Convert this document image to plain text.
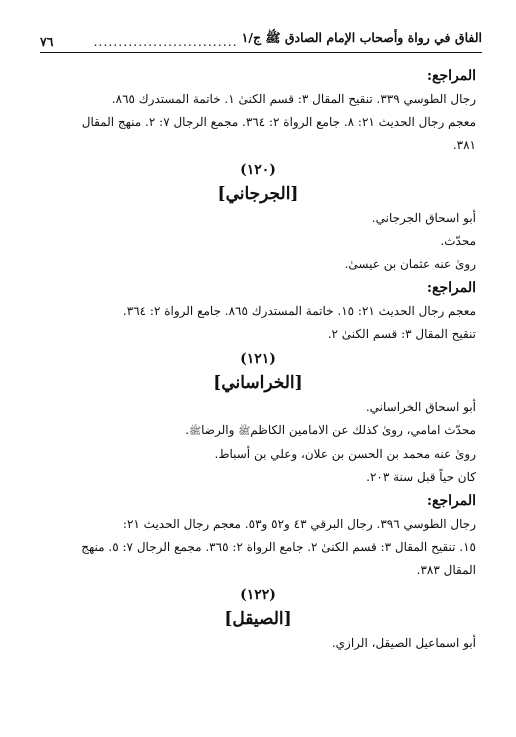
الفاق في رواة وأصحاب الإمام الصادق ﷺ ج/١
.............................
٧٦
المراجع:

رجال الطوسي ٣٣٩. تنقيح المقال ٣: قسم الكنىٰ ١. خاتمة المستدرك ٨٦٥.

معجم رجال الحديث ٢١: ٨. جامع الرواة ٢: ٣٦٤. مجمع الرجال ٧: ٢. منهج المقال

٣٨١.

(١٢٠)
[الجرجاني]

أبو اسحاق الجرجاني.

محدّث.

رویٰ عنه عثمان بن عيسیٰ.

المراجع:

معجم رجال الحديث ٢١: ١٥. خاتمة المستدرك ٨٦٥. جامع الرواة ٢: ٣٦٤.

تنقيح المقال ٣: قسم الكنىٰ ٢.

(١٢١)
[الخراساني]

أبو اسحاق الخراساني.

محدّث امامي، رویٰ كذلك عن الامامين الكاظمﷺ والرضاﷺ.

رویٰ عنه محمد بن الحسن بن علان، وعلي بن أسباط.

كان حياً قبل سنة ٢٠٣.

المراجع:

رجال الطوسي ٣٩٦. رجال البرقي ٤٣ و٥٢ و٥٣. معجم رجال الحديث ٢١:

١٥. تنقيح المقال ٣: قسم الكنىٰ ٢. جامع الرواة ٢: ٣٦٥. مجمع الرجال ٧: ٥. منهج

المقال ٣٨٣.

(١٢٢)
[الصيقل]

أبو اسماعيل الصيقل، الرازي.
